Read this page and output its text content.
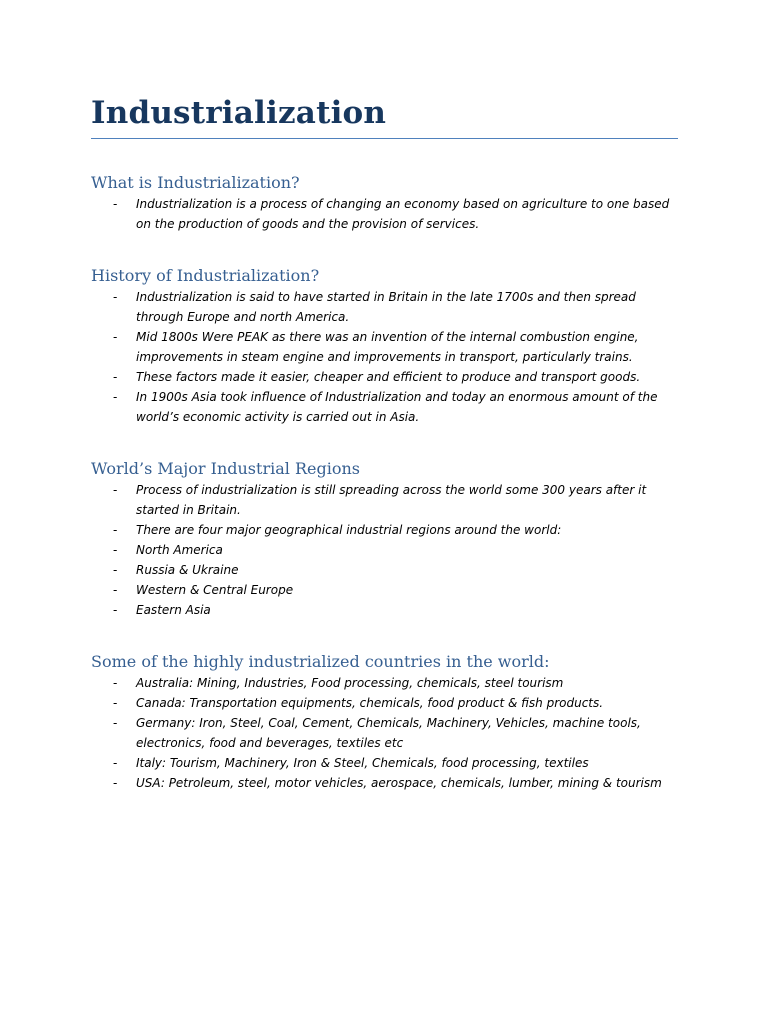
Industrialization
What is Industrialization?
- Industrialization is a process of changing an economy based on agriculture to one based on the production of goods and the provision of services.
History of Industrialization?
- Industrialization is said to have started in Britain in the late 1700s and then spread through Europe and north America.
- Mid 1800s Were PEAK as there was an invention of the internal combustion engine, improvements in steam engine and improvements in transport, particularly trains.
- These factors made it easier, cheaper and efficient to produce and transport goods.
- In 1900s Asia took influence of Industrialization and today an enormous amount of the world’s economic activity is carried out in Asia.
World’s Major Industrial Regions
- Process of industrialization is still spreading across the world some 300 years after it started in Britain.
- There are four major geographical industrial regions around the world:
- North America
- Russia & Ukraine
- Western & Central Europe
- Eastern Asia
Some of the highly industrialized countries in the world:
- Australia: Mining, Industries, Food processing, chemicals, steel tourism
- Canada: Transportation equipments, chemicals, food product & fish products.
- Germany: Iron, Steel, Coal, Cement, Chemicals, Machinery, Vehicles, machine tools, electronics, food and beverages, textiles etc
- Italy: Tourism, Machinery, Iron & Steel, Chemicals, food processing, textiles
- USA: Petroleum, steel, motor vehicles, aerospace, chemicals, lumber, mining & tourism
